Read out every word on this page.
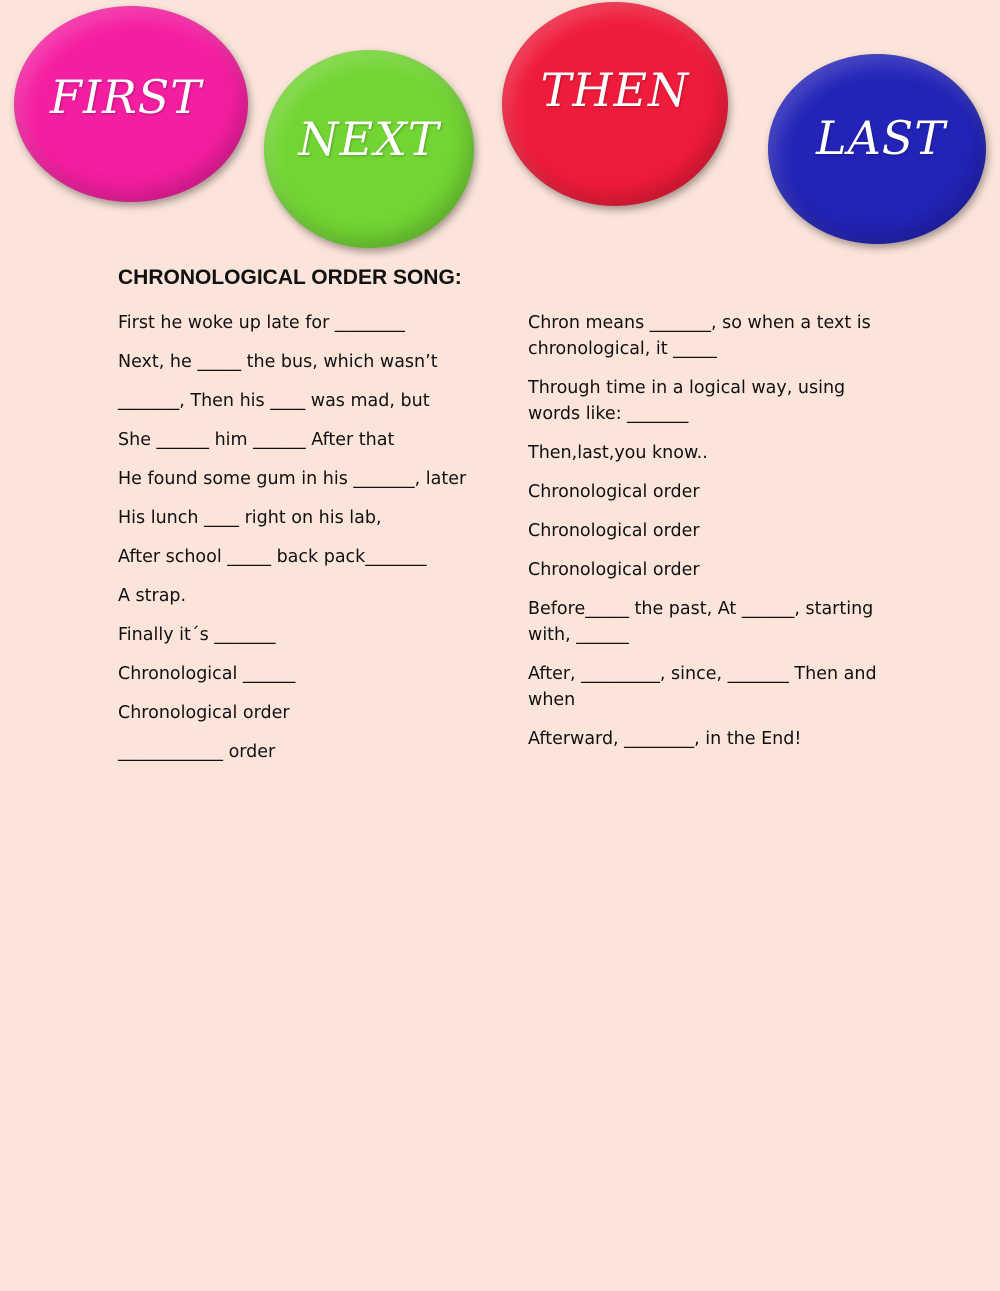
FIRST
NEXT
THEN
LAST
CHRONOLOGICAL ORDER SONG:

First he woke up late for ________

Next, he _____ the bus, which wasn’t

_______, Then his ____ was mad, but

She ______ him ______ After that

He found some gum in his _______, later

His lunch ____ right on his lab,

After school _____ back pack_______

A strap.

Finally it´s _______

Chronological ______

Chronological order

____________ order

Chron means _______, so when a text is chronological, it _____

Through time in a logical way, using words like: _______

Then,last,you know..

Chronological order

Chronological order

Chronological order

Before_____ the past, At ______, starting with, ______

After, _________, since, _______ Then and when

Afterward, ________, in the End!
